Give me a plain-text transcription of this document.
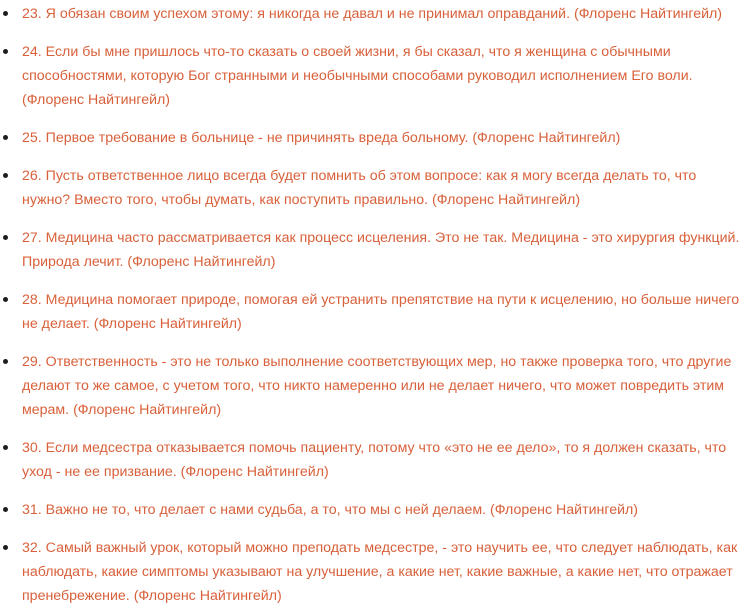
23. Я обязан своим успехом этому: я никогда не давал и не принимал оправданий. (Флоренс Найтингейл)
24. Если бы мне пришлось что-то сказать о своей жизни, я бы сказал, что я женщина с обычными способностями, которую Бог странными и необычными способами руководил исполнением Его воли. (Флоренс Найтингейл)
25. Первое требование в больнице - не причинять вреда больному. (Флоренс Найтингейл)
26. Пусть ответственное лицо всегда будет помнить об этом вопросе: как я могу всегда делать то, что нужно? Вместо того, чтобы думать, как поступить правильно. (Флоренс Найтингейл)
27. Медицина часто рассматривается как процесс исцеления. Это не так. Медицина - это хирургия функций. Природа лечит. (Флоренс Найтингейл)
28. Медицина помогает природе, помогая ей устранить препятствие на пути к исцелению, но больше ничего не делает. (Флоренс Найтингейл)
29. Ответственность - это не только выполнение соответствующих мер, но также проверка того, что другие делают то же самое, с учетом того, что никто намеренно или не делает ничего, что может повредить этим мерам. (Флоренс Найтингейл)
30. Если медсестра отказывается помочь пациенту, потому что «это не ее дело», то я должен сказать, что уход - не ее призвание. (Флоренс Найтингейл)
31. Важно не то, что делает с нами судьба, а то, что мы с ней делаем. (Флоренс Найтингейл)
32. Самый важный урок, который можно преподать медсестре, - это научить ее, что следует наблюдать, как наблюдать, какие симптомы указывают на улучшение, а какие нет, какие важные, а какие нет, что отражает пренебрежение. (Флоренс Найтингейл)
